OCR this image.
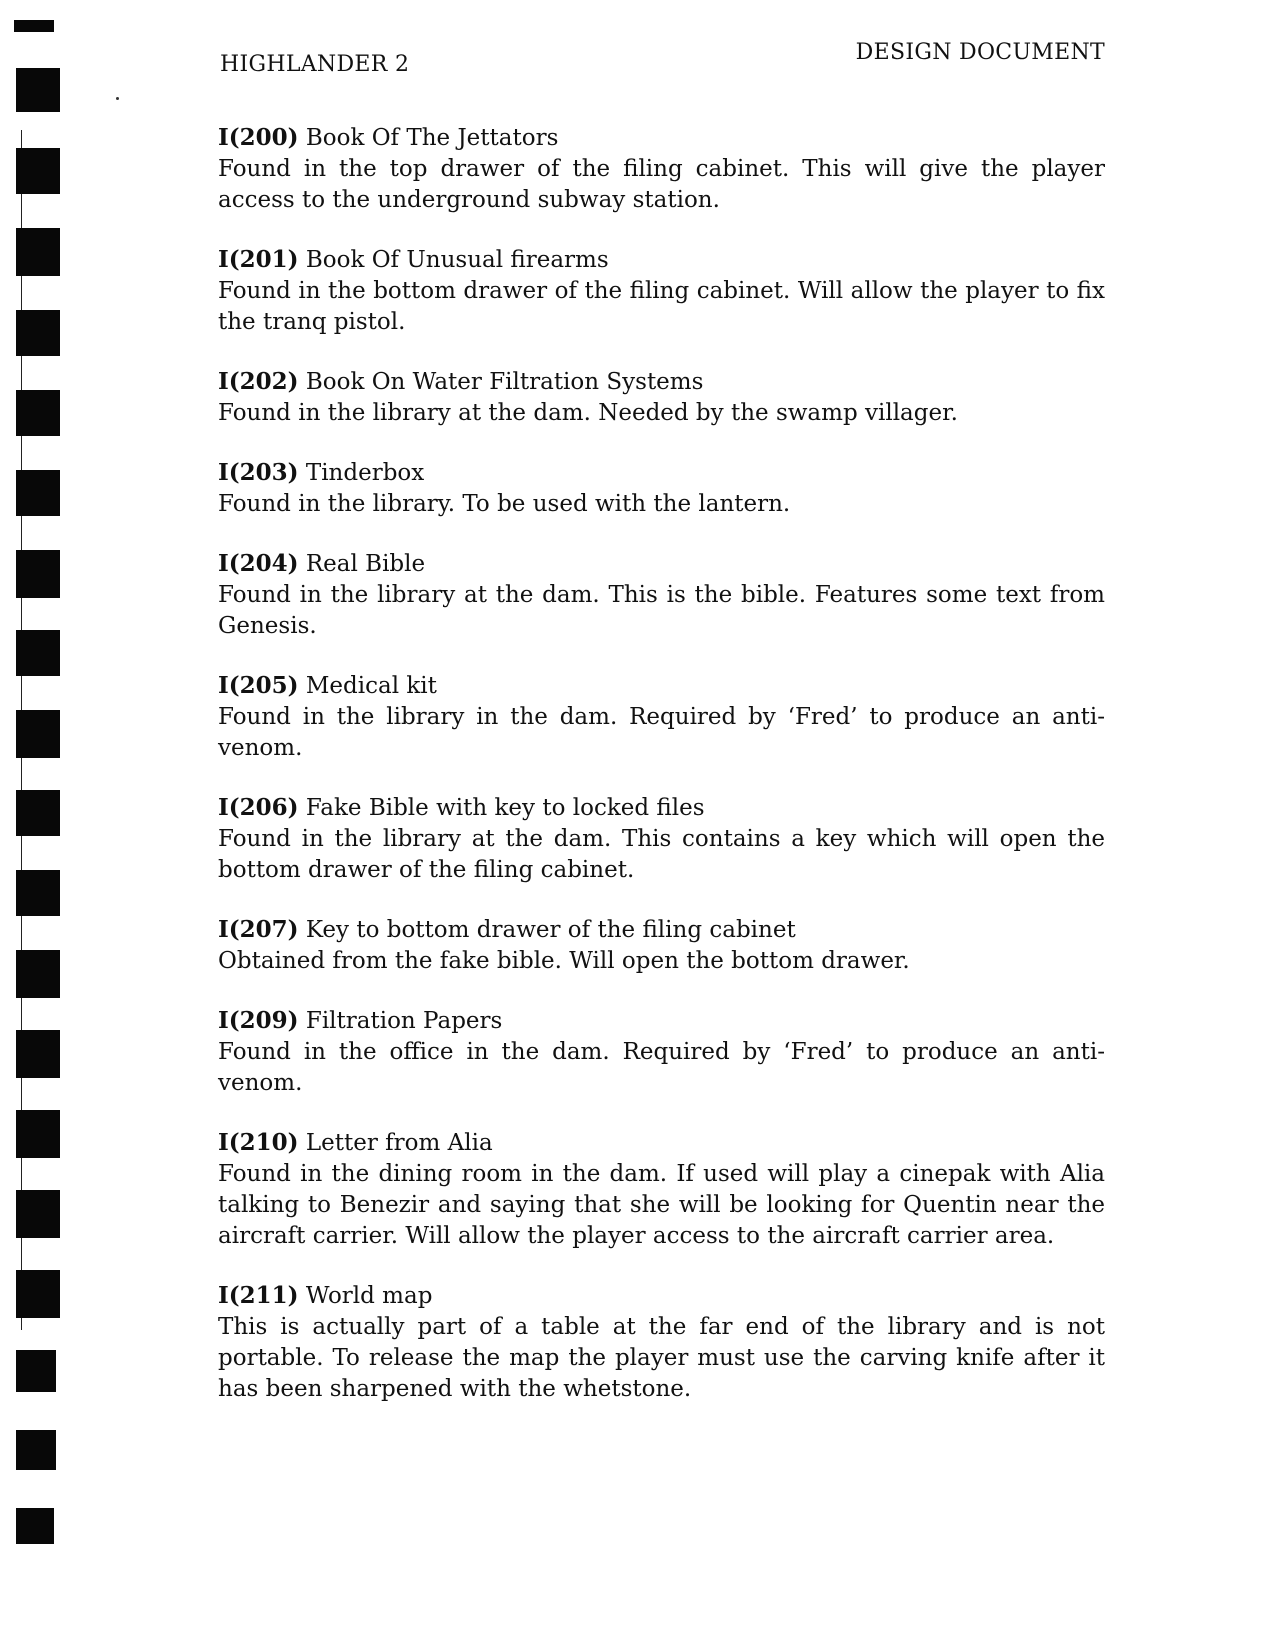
HIGHLANDER 2	DESIGN DOCUMENT
I(200) Book Of The Jettators
Found in the top drawer of the filing cabinet. This will give the player access to the underground subway station.
I(201) Book Of Unusual firearms
Found in the bottom drawer of the filing cabinet. Will allow the player to fix the tranq pistol.
I(202) Book On Water Filtration Systems
Found in the library at the dam. Needed by the swamp villager.
I(203) Tinderbox
Found in the library. To be used with the lantern.
I(204) Real Bible
Found in the library at the dam. This is the bible. Features some text from Genesis.
I(205) Medical kit
Found in the library in the dam. Required by ‘Fred’ to produce an anti-venom.
I(206) Fake Bible with key to locked files
Found in the library at the dam. This contains a key which will open the bottom drawer of the filing cabinet.
I(207) Key to bottom drawer of the filing cabinet
Obtained from the fake bible. Will open the bottom drawer.
I(209) Filtration Papers
Found in the office in the dam. Required by ‘Fred’ to produce an anti-venom.
I(210) Letter from Alia
Found in the dining room in the dam. If used will play a cinepak with Alia talking to Benezir and saying that she will be looking for Quentin near the aircraft carrier. Will allow the player access to the aircraft carrier area.
I(211) World map
This is actually part of a table at the far end of the library and is not portable. To release the map the player must use the carving knife after it has been sharpened with the whetstone.
